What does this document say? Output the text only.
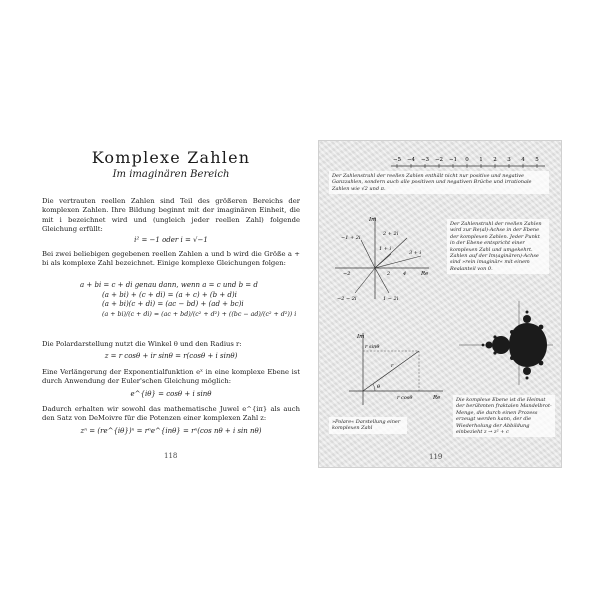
Komplexe Zahlen
Im imaginären Bereich
Die vertrauten reellen Zahlen sind Teil des größeren Bereichs der komplexen Zahlen. Ihre Bildung beginnt mit der imaginären Einheit, die mit i bezeichnet wird und (ungleich jeder reellen Zahl) folgende Gleichung erfüllt:
i² = −1 oder i = √−1
Bei zwei beliebigen gegebenen reellen Zahlen a und b wird die Größe a + bi als komplexe Zahl bezeichnet. Einige komplexe Gleichungen folgen:
a + bi = c + di genau dann, wenn a = c und b = d
(a + bi) + (c + di) = (a + c) + (b + d)i
(a + bi)(c + di) = (ac − bd) + (ad + bc)i
(a + bi)/(c + di) = (ac + bd)/(c² + d²) + ((bc − ad)/(c² + d²)) i
Die Polardarstellung nutzt die Winkel θ und den Radius r:
z = r cosθ + ir sinθ = r(cosθ + i sinθ)
Eine Verlängerung der Exponentialfunktion eˣ in eine komplexe Ebene ist durch Anwendung der Euler'schen Gleichung möglich:
e^{iθ} = cosθ + i sinθ
Dadurch erhalten wir sowohl das mathematische Juwel e^{iπ} als auch den Satz von DeMoivre für die Potenzen einer komplexen Zahl z:
zⁿ = (re^{iθ})ⁿ = rⁿe^{inθ} = rⁿ(cos nθ + i sin nθ)
118
−5 −4 −3 −2 −1 0 1 2 3 4 5
Der Zahlenstrahl der reellen Zahlen enthält nicht nur positive und negative Ganzzahlen, sondern auch alle positiven und negativen Brüche und irrationale Zahlen wie √2 und π.
Im
2 + 2i
−1 + 2i
1 + i
3 + i
−2	2	4
1 − 2i
−2 − 2i
Re
Der Zahlenstrahl der reellen Zahlen wird zur Re(al)-Achse in der Ebene der komplexen Zahlen. Jeder Punkt in der Ebene entspricht einer komplexen Zahl und umgekehrt. Zahlen auf der Im(aginären)-Achse sind »rein imaginär« mit einem Realanteil von 0.
Im
r sinθ
r
θ
r cosθ	Re
»Polare« Darstellung einer komplexen Zahl
Die komplexe Ebene ist die Heimat der berühmten fraktalen Mandelbrot-Menge, die durch einen Prozess erzeugt werden kann, der die Wiederholung der Abbildung einbezieht z → z² + c
119
